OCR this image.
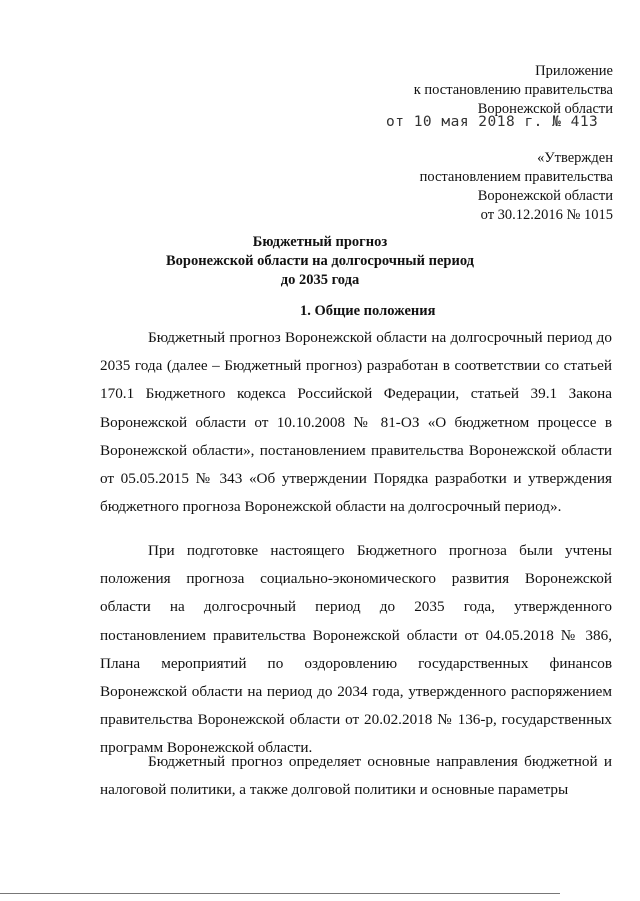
Приложение
к постановлению правительства
Воронежской области
от 10 мая 2018 г. № 413
«Утвержден
постановлением правительства
Воронежской области
от 30.12.2016 № 1015
Бюджетный прогноз
Воронежской области на долгосрочный период
до 2035 года
1. Общие положения

Бюджетный прогноз Воронежской области на долгосрочный период до 2035 года (далее – Бюджетный прогноз) разработан в соответствии со статьей 170.1 Бюджетного кодекса Российской Федерации, статьей 39.1 Закона Воронежской области от 10.10.2008 № 81-ОЗ «О бюджетном процессе в Воронежской области», постановлением правительства Воронежской области от 05.05.2015 № 343 «Об утверждении Порядка разработки и утверждения бюджетного прогноза Воронежской области на долгосрочный период».

При подготовке настоящего Бюджетного прогноза были учтены положения прогноза социально-экономического развития Воронежской области на долгосрочный период до 2035 года, утвержденного постановлением правительства Воронежской области от 04.05.2018 № 386, Плана мероприятий по оздоровлению государственных финансов Воронежской области на период до 2034 года, утвержденного распоряжением правительства Воронежской области от 20.02.2018 № 136-р, государственных программ Воронежской области.

Бюджетный прогноз определяет основные направления бюджетной и налоговой политики, а также долговой политики и основные параметры
